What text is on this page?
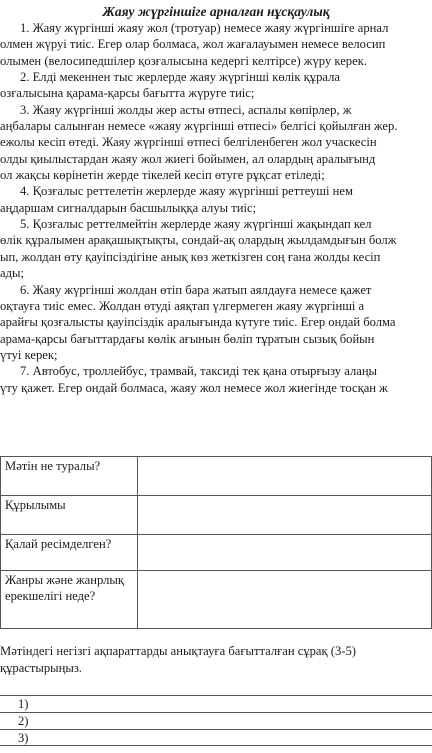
Жаяу жүргіншіге арналған нұсқаулық
1. Жаяу жүргінші жаяу жол (тротуар) немесе жаяу жүргіншіге арнал
олмен жүруі тиіс. Егер олар болмаса, жол жағалауымен немесе велосип
олымен (велосипедшілер қозғалысына кедергі келтірсе) жүру керек.
2. Елді мекеннен тыс жерлерде жаяу жүргінші көлік құрала
озғалысына қарама-қарсы бағытта жүруге тиіс;
3. Жаяу жүргінші жолды жер асты өтпесі, аспалы көпірлер, ж
аңбалары салынған немесе «жаяу жүргінші өтпесі» белгісі қойылған жер.
ежолы кесіп өтеді. Жаяу жүргінші өтпесі белгіленбеген жол учаскесін
олды қиылыстардан жаяу жол жиегі бойымен, ал олардың аралығынд
ол жақсы көрінетін жерде тікелей кесіп өтуге рұқсат етіледі;
4. Қозғалыс реттелетін жерлерде жаяу жүргінші реттеуші нем
аңдаршам сигналдарын басшылыққа алуы тиіс;
5. Қозғалыс реттелмейтін жерлерде жаяу жүргінші жақындап кел
өлік құралымен арақашықтықты, сондай-ақ олардың жылдамдығын болж
ып, жолдан өту қауіпсіздігіне анық көз жеткізген соң ғана жолды кесіп
ады;
6. Жаяу жүргінші жолдан өтіп бара жатып аялдауға немесе қажет
оқтауға тиіс емес. Жолдан өтуді аяқтап үлгермеген жаяу жүргінші а
арайғы қозғалысты қауіпсіздік аралығында күтуге тиіс. Егер ондай болма
арама-қарсы бағыттардағы көлік ағынын бөліп тұратын сызық бойын
үтуі керек;
7. Автобус, троллейбус, трамвай, таксиді тек қана отырғызу алаңы
үту қажет. Егер ондай болмаса, жаяу жол немесе жол жиегінде тосқан ж
Мәтін не туралы?	
Құрылымы	
Қалай ресімделген?	
Жанры және жанрлық ерекшелігі неде?	
Мәтіндегі негізгі ақпараттарды анықтауға бағытталған сұрақ (3-5)
құрастырыңыз.
1)
2)
3)
